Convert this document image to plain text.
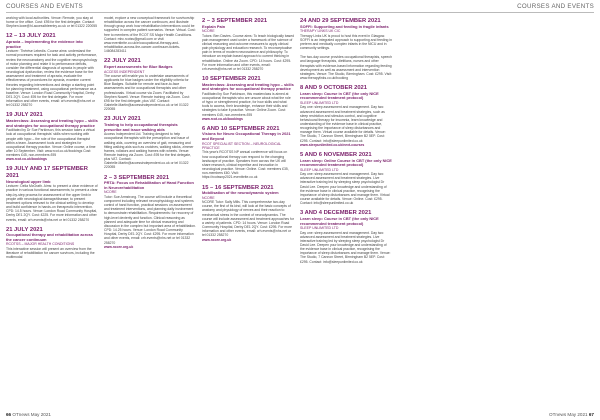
COURSES AND EVENTS	COURSES AND EVENTS
working with local authorities. Venue: Remote, you stay at home or the office. Cost: £95 for the first delegate. Contact: Stephen.lowe@hl-accessibleentry.co.uk or tel 01322 220055
12 – 13 JULY 2021
Apraxia – Implementing the evidence into practice
Lecturer: Thérèse Lebedis. Course aims: understand the normal processes required for task and activity performance, review the neuroanatomy and the cognitive neuropsychology of motor planning and relate it to performance deficits, consider the differential diagnosis of apraxia in people with neurological dysfunction, review the evidence base for the assessment and treatment of apraxia, evaluate the effectiveness of procedures for apraxia, examine current theories regarding interventions and design a starting point for planning treatment, using occupational performance as a baseline. Venue: London Road Community Hospital, Derby DE1 2QY. Cost: £95 for the first delegate. For more information and other events, email: crh.events@nhs.net or tel 01332 258270
19 JULY 2021
Masterclass: Assessing and treating hypo – skills and strategies for occupational therapy practice
Facilitated by Dr Sue Parkinson, this session takes a virtual look at occupational therapists' skills when working with people with hypo – the role of the occupational therapist within a team. Assessment tools and strategies for occupational therapy practice. Venue: Online course, a time after 10 September. Visit: www.rcot.co.uk/bookings Cost: members £45, non-members £95
www.rcot.co.uk/bookings
19 JULY AND 17 SEPTEMBER 2021
Neurological upper limb
Lecturer: Delia McGrath. Aims: to present a clear evidence of practice in various functional assessments; to present a clear step-by-step process for assessment of the upper limb in people with neurological damage/disease; to present treatment options relevant to the clinical setting; to develop and build confidence in hands-on therapeutic intervention. CPD: 14.5 hours. Venue: London Road Community Hospital, Derby DE1 2QY. Cost: £225. For more information and other events, email: crh.events@nhs.net or tel 01332 258270
21 JULY 2021
Occupational therapy and rehabilitation across the cancer continuum
RCOTSS – MAJOR HEALTH CONDITIONS
This interactive session will present an overview from the literature of rehabilitation for cancer survivors, including the multimodal
model, explore a new conceptual framework for survivorship rehabilitation across the cancer continuum, and illustrate through group work how rehabilitation interventions could be supported in complex patient scenarios. Venue: Virtual. Cost: free to members of the RCOT SS Major Health Conditions. Contact: mhc.rcotss@gmail.com or visit www.eventbrite.co.uk/e/occupational-therapy-and-rehabilitation-across-the-cancer-continuum-tickets-146084283411
22 JULY 2021
Expert assessments for Blue Badges
ACCESS INDEPENDENT
The course will enable you to undertake assessments of applicants for blue badges under the eligibility criteria for Blue Badges. Suitable for remote and face-to-face assessments and for occupational therapists and other professionals. Virtual course via Zoom. Facilitated by Stephen Nowell. Venue: Remote training via Zoom. Cost: £95 for the first delegate, plus VAT. Contact: Gabrielle.Martin@accessindependent.co.uk or tel 01322 220055
23 JULY 2021
Training to help occupational therapists prescribe and issue walking aids
Access Independent Ltd. Training designed to help occupational therapists with the prescription and issue of walking aids, covering an overview of gait, measuring and fitting walking aids such as crutches, walking sticks, zimmer frames, rollators and walking frames with wheels. Venue: Remote training via Zoom. Cost: £95 for the first delegate, plus VAT. Contact: Gabrielle.Martin@accessindependent.co.uk or tel 01322 220055
2 – 3 SEPTEMBER 2021
PRTA: Focus on Rehabilitation of Hand Function in Neurorehabilitation
NCORE
Tutor: Sue Armstrong. The course will include a theoretical component including relevant neurophysiology and systems control of hand function, practical sessions on assessment and treatment interventions, and planning daily involvement to demonstrate rehabilitation. Requirements: for recovery of high-level dexterity and function. Clinical reasoning as planned and adequate time for clinical reasoning and discussion in the complex but important area of rehabilitation. CPD: 14.25 hours. Venue: London Road Community Hospital, Derby DE1 2QY. Cost: £295. For more information and other events, email: crh.events@nhs.net or tel 01332 258270
www.ncore.org.uk
2 – 3 SEPTEMBER 2021
Explain Pain
NCORE
Tutors: Ben Davies. Course aims: To teach biologically based pain management used under a framework of the science of clinical reasoning and outcome measures to apply clinical pain physiology and education research. To reconceptualise pain in terms of modern neuroscience and philosophy. To introduce an explain based approach to current thinking in rehabilitation. Online via Zoom. CPD: 14 hours. Cost: £295. For more information and other events, email: crh.events@nhs.net or tel 01332 258270
10 SEPTEMBER 2021
Masterclass: Assessing and treating hypo – skills and strategies for occupational therapy practice
Facilitated by Sue Parkinson, this masterclass is aimed at occupational therapists who are unsure about what the role of hypo or strengthened practice, for how skills and what tools to access, their knowledge, enhance their skills and strategies to take it practice. Venue: Online Zoom. Cost: members £45, non-members £95
www.rcot.co.uk/bookings
6 AND 10 SEPTEMBER 2021
Visions for Neuro Occupational Therapy in 2021 and Beyond
RCOT SPECIALIST SECTION – NEUROLOGICAL PRACTICE
This year's RCOTSS NP annual conference will focus on how occupational therapy can respond to the changing landscape of practice. Speakers from across the UK will share research, clinical expertise and innovation in neurological practice. Venue: Online. Cost: members £35, non-members £60. Visit: https://rcotssnp2021.eventbrite.co.uk
15 – 16 SEPTEMBER 2021
Mobilisation of the neurodynamic system
NCORE
NCORE Tutor: Sally Mills. This comprehensive two-day course, the first of its kind, will look at the basic concepts of anatomy and physiology of nerves and their reaction to mechanical stress in the context of neurodynamics. The course will include assessment and treatment approaches for a variety of patients. CPD: 14 hours. Venue: London Road Community Hospital, Derby DE1 2QY. Cost: £295. For more information and other events, email: crh.events@nhs.net or tel 01332 258270
www.ncore.org.uk
24 AND 29 SEPTEMBER 2021
SOFFI: Supporting and feeding in fragile infants
THERAPY LINKS UK CIC
Therapy Links UK is proud to host this event in Glasgow. SOFFI is an integrated approach to supporting and feeding in preterm and medically complex infants in the NICU and in community settings.
The two-day course provides occupational therapists, speech and language therapists, dietitians, nurses and other therapists with evidence-based information regarding feeding development as well as assessment and intervention strategies. Venue: The Studio, Birmingham. Cost: £295. Visit: www.therapylinks.co.uk/booking
8 AND 9 OCTOBER 2021
Learn sleep: Course in CBT (the only NICE recommended treatment protocol)
SLEEP UNLIMITED LTD
Day one: sleep assessment and management. Day two: advanced assessment and treatment strategies, such as sleep restriction and stimulus control, and cognitive behavioural therapy for insomnia, learn knowledge and understanding of the evidence base in clinical practice, recognising the importance of sleep disturbances and manage them. Virtual course available for details. Venue: The Studio, 7 Cannon Street, Birmingham B2 5EP. Cost: £295. Contact: info@sleepunlimited.co.uk
www.sleepunlimited.co.uk/next-courses
5 AND 6 NOVEMBER 2021
Learn sleep: Online Course in CBT (the only NICE recommended treatment protocol)
SLEEP UNLIMITED LTD
Day one: sleep assessment and management. Day two: advanced assessment and treatment strategies. Live interactive training led by sleeping sleep psychologist Dr David Lee. Deepen your knowledge and understanding of the evidence base in clinical practice, recognising the importance of sleep disturbances and manage them. Virtual course available for details. Venue: Online. Cost: £295. Contact: info@sleepunlimited.co.uk
3 AND 4 DECEMBER 2021
Learn sleep: Course in CBT (the only NICE recommended treatment protocol)
SLEEP UNLIMITED LTD
Day one: sleep assessment and management. Day two: advanced assessment and treatment strategies. Live interactive training led by sleeping sleep psychologist Dr David Lee. Deepen your knowledge and understanding of the evidence base in clinical practice, recognising the importance of sleep disturbances and manage them. Venue: The Studio, 7 Cannon Street, Birmingham B2 5EP. Cost: £295. Contact: info@sleepunlimited.co.uk
66 OTnews May 2021	OTnews May 2021 67
